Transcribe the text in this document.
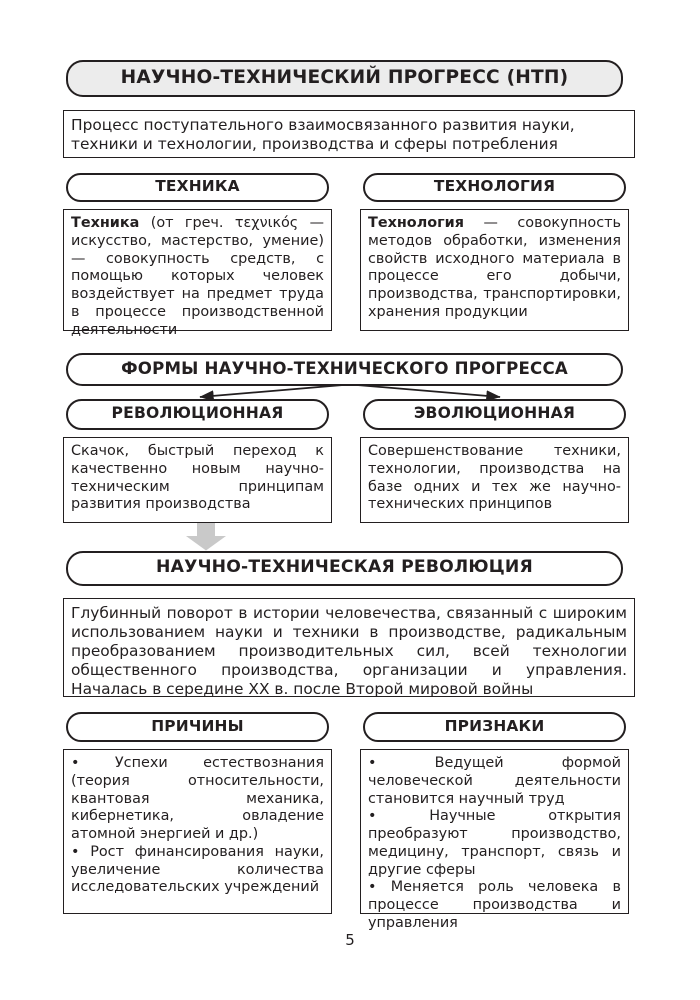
НАУЧНО-ТЕХНИЧЕСКИЙ ПРОГРЕСС (НТП)

Процесс поступательного взаимосвязанного развития науки, техники и технологии, производства и сферы потребления

ТЕХНИКА	ТЕХНОЛОГИЯ

Техника (от греч. τεχνικός — искусство, мастерство, умение) — совокупность средств, с помощью которых человек воздействует на предмет труда в процессе производственной деятельности

Технология — совокупность методов обработки, изменения свойств исходного материала в процессе его добычи, производства, транспортировки, хранения продукции

ФОРМЫ НАУЧНО-ТЕХНИЧЕСКОГО ПРОГРЕССА
РЕВОЛЮЦИОННАЯ	ЭВОЛЮЦИОННАЯ

Скачок, быстрый переход к качественно новым научно-техническим принципам развития производства

Совершенствование техники, технологии, производства на базе одних и тех же научно-технических принципов

НАУЧНО-ТЕХНИЧЕСКАЯ РЕВОЛЮЦИЯ

Глубинный поворот в истории человечества, связанный с широким использованием науки и техники в производстве, радикальным преобразованием производительных сил, всей технологии общественного производства, организации и управления. Началась в середине XX в. после Второй мировой войны

ПРИЧИНЫ	ПРИЗНАКИ

• Успехи естествознания (теория относительности, квантовая механика, кибернетика, овладение атомной энергией и др.)

• Рост финансирования науки, увеличение количества исследовательских учреждений

• Ведущей формой человеческой деятельности становится научный труд

• Научные открытия преобразуют производство, медицину, транспорт, связь и другие сферы

• Меняется роль человека в процессе производства и управления

5
